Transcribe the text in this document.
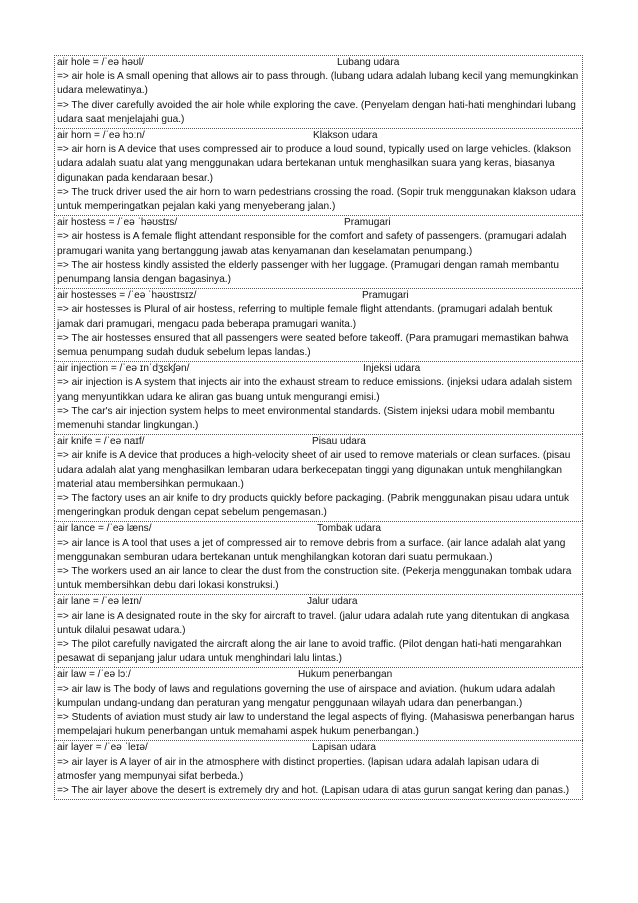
air hole = /ˈeə həʊl/	Lubang udara

=> air hole is A small opening that allows air to pass through. (lubang udara adalah lubang kecil yang memungkinkan udara melewatinya.)

=> The diver carefully avoided the air hole while exploring the cave. (Penyelam dengan hati-hati menghindari lubang udara saat menjelajahi gua.)

air horn = /ˈeə hɔːn/	Klakson udara

=> air horn is A device that uses compressed air to produce a loud sound, typically used on large vehicles. (klakson udara adalah suatu alat yang menggunakan udara bertekanan untuk menghasilkan suara yang keras, biasanya digunakan pada kendaraan besar.)

=> The truck driver used the air horn to warn pedestrians crossing the road. (Sopir truk menggunakan klakson udara untuk memperingatkan pejalan kaki yang menyeberang jalan.)

air hostess = /ˈeə ˈhəʊstɪs/	Pramugari

=> air hostess is A female flight attendant responsible for the comfort and safety of passengers. (pramugari adalah pramugari wanita yang bertanggung jawab atas kenyamanan dan keselamatan penumpang.)

=> The air hostess kindly assisted the elderly passenger with her luggage. (Pramugari dengan ramah membantu penumpang lansia dengan bagasinya.)

air hostesses = /ˈeə ˈhəʊstɪsɪz/	Pramugari

=> air hostesses is Plural of air hostess, referring to multiple female flight attendants. (pramugari adalah bentuk jamak dari pramugari, mengacu pada beberapa pramugari wanita.)

=> The air hostesses ensured that all passengers were seated before takeoff. (Para pramugari memastikan bahwa semua penumpang sudah duduk sebelum lepas landas.)

air injection = /ˈeə ɪnˈdʒɛkʃən/	Injeksi udara

=> air injection is A system that injects air into the exhaust stream to reduce emissions. (injeksi udara adalah sistem yang menyuntikkan udara ke aliran gas buang untuk mengurangi emisi.)

=> The car's air injection system helps to meet environmental standards. (Sistem injeksi udara mobil membantu memenuhi standar lingkungan.)

air knife = /ˈeə naɪf/	Pisau udara

=> air knife is A device that produces a high-velocity sheet of air used to remove materials or clean surfaces. (pisau udara adalah alat yang menghasilkan lembaran udara berkecepatan tinggi yang digunakan untuk menghilangkan material atau membersihkan permukaan.)

=> The factory uses an air knife to dry products quickly before packaging. (Pabrik menggunakan pisau udara untuk mengeringkan produk dengan cepat sebelum pengemasan.)

air lance = /ˈeə læns/	Tombak udara

=> air lance is A tool that uses a jet of compressed air to remove debris from a surface. (air lance adalah alat yang menggunakan semburan udara bertekanan untuk menghilangkan kotoran dari suatu permukaan.)

=> The workers used an air lance to clear the dust from the construction site. (Pekerja menggunakan tombak udara untuk membersihkan debu dari lokasi konstruksi.)

air lane = /ˈeə leɪn/	Jalur udara

=> air lane is A designated route in the sky for aircraft to travel. (jalur udara adalah rute yang ditentukan di angkasa untuk dilalui pesawat udara.)

=> The pilot carefully navigated the aircraft along the air lane to avoid traffic. (Pilot dengan hati-hati mengarahkan pesawat di sepanjang jalur udara untuk menghindari lalu lintas.)

air law = /ˈeə lɔː/	Hukum penerbangan

=> air law is The body of laws and regulations governing the use of airspace and aviation. (hukum udara adalah kumpulan undang-undang dan peraturan yang mengatur penggunaan wilayah udara dan penerbangan.)

=> Students of aviation must study air law to understand the legal aspects of flying. (Mahasiswa penerbangan harus mempelajari hukum penerbangan untuk memahami aspek hukum penerbangan.)

air layer = /ˈeə ˈleɪə/	Lapisan udara

=> air layer is A layer of air in the atmosphere with distinct properties. (lapisan udara adalah lapisan udara di atmosfer yang mempunyai sifat berbeda.)

=> The air layer above the desert is extremely dry and hot. (Lapisan udara di atas gurun sangat kering dan panas.)
